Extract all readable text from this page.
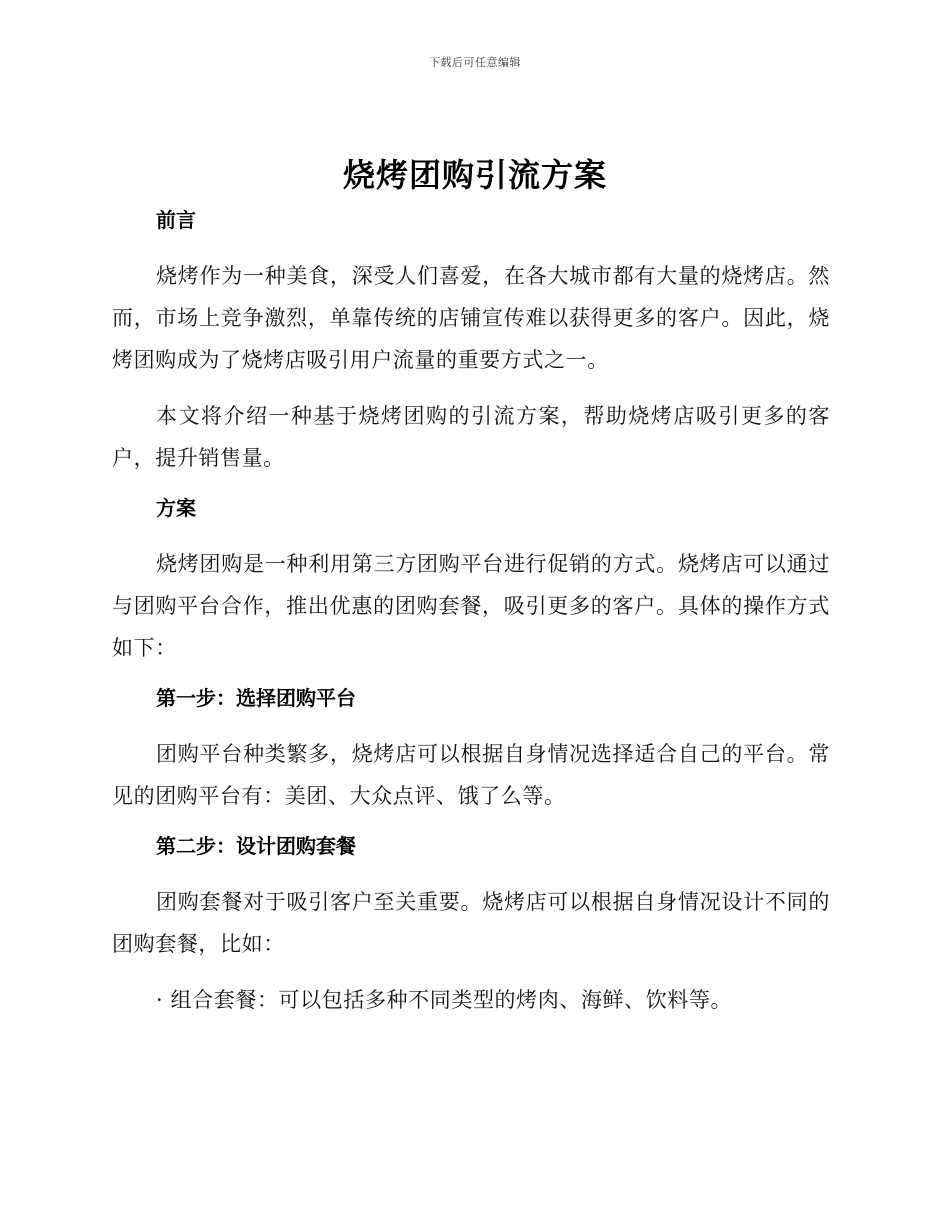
下载后可任意编辑
烧烤团购引流方案
前言

烧烤作为一种美食，深受人们喜爱，在各大城市都有大量的烧烤店。然而，市场上竞争激烈，单靠传统的店铺宣传难以获得更多的客户。因此，烧烤团购成为了烧烤店吸引用户流量的重要方式之一。

本文将介绍一种基于烧烤团购的引流方案，帮助烧烤店吸引更多的客户，提升销售量。

方案

烧烤团购是一种利用第三方团购平台进行促销的方式。烧烤店可以通过与团购平台合作，推出优惠的团购套餐，吸引更多的客户。具体的操作方式如下：

第一步：选择团购平台

团购平台种类繁多，烧烤店可以根据自身情况选择适合自己的平台。常见的团购平台有：美团、大众点评、饿了么等。

第二步：设计团购套餐

团购套餐对于吸引客户至关重要。烧烤店可以根据自身情况设计不同的团购套餐，比如：

· 组合套餐：可以包括多种不同类型的烤肉、海鲜、饮料等。
